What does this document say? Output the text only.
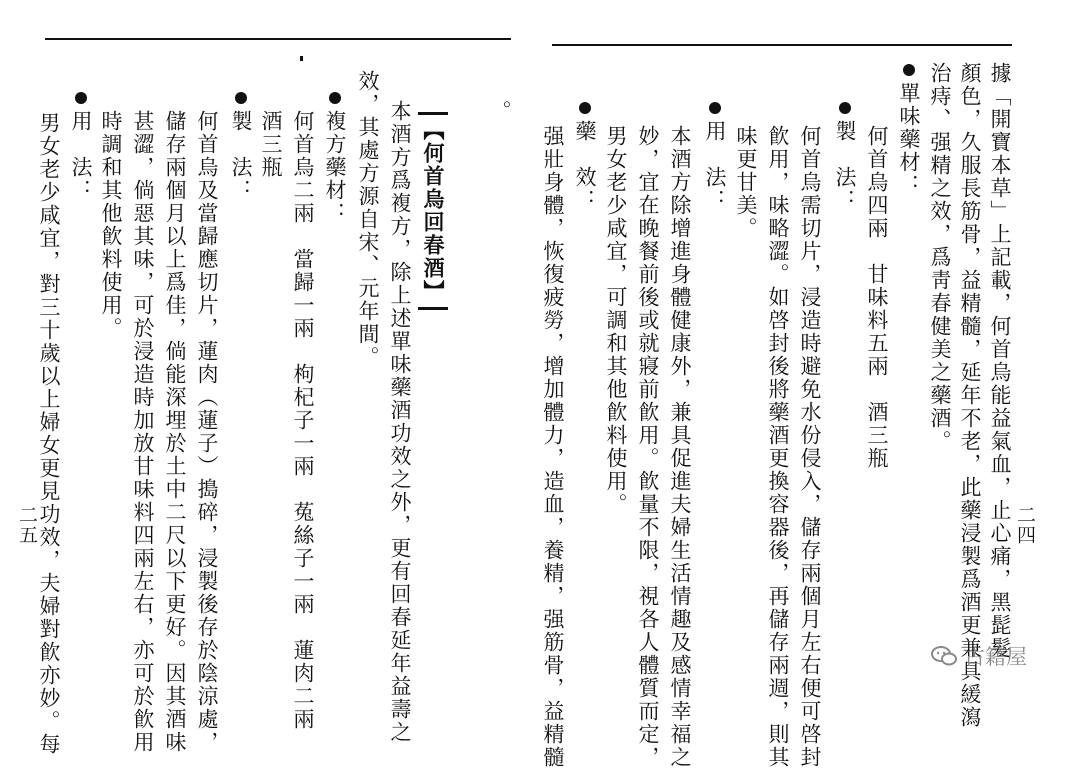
二四
據「開寶本草」上記載，何首烏能益氣血，止心痛，黑髭髮
顏色，久服長筋骨，益精髓，延年不老，此藥浸製爲酒更兼具緩瀉
治痔、强精之效，爲靑春健美之藥酒。
單味藥材：
何首烏四兩　甘味料五兩　酒三瓶
製　法：
何首烏需切片，浸造時避免水份侵入，儲存兩個月左右便可啓封
飮用，味略澀。如啓封後將藥酒更換容器後，再儲存兩週，則其
味更甘美。
用　法：
本酒方除增進身體健康外，兼具促進夫婦生活情趣及感情幸福之
妙，宜在晚餐前後或就寢前飮用。飮量不限，視各人體質而定，
男女老少咸宜，可調和其他飮料使用。
藥　效：
强壯身體，恢復疲勞，增加體力，造血，養精，强筋骨，益精髓
。
【何首烏回春酒】
本酒方爲複方，除上述單味藥酒功效之外，更有回春延年益壽之
效，其處方源自宋、元年間。
複方藥材：
何首烏二兩　當歸一兩　枸杞子一兩　菟絲子一兩　蓮肉二兩
酒三瓶
製　法：
何首烏及當歸應切片，蓮肉（蓮子）搗碎，浸製後存於陰涼處，
儲存兩個月以上爲佳，倘能深埋於土中二尺以下更好。因其酒味
甚澀，倘惡其味，可於浸造時加放甘味料四兩左右，亦可於飮用
時調和其他飮料使用。
用　法：
男女老少咸宜，對三十歲以上婦女更見功效，夫婦對飮亦妙。每
二五
古籍屋
